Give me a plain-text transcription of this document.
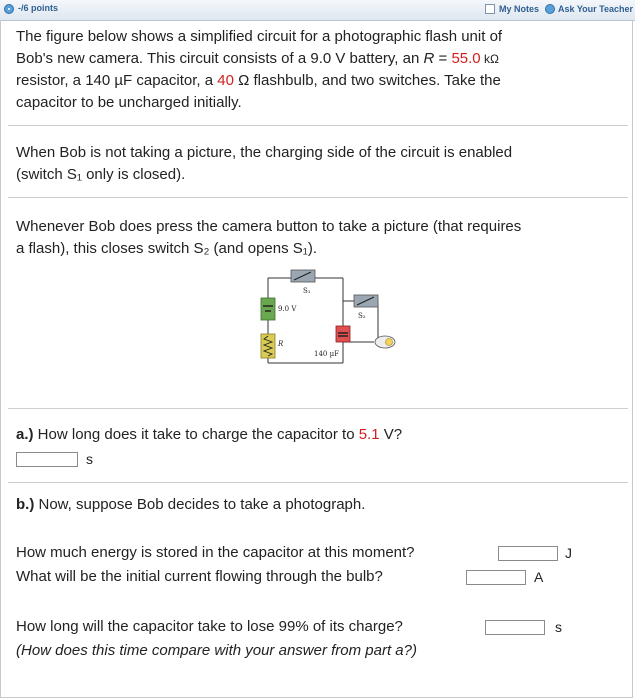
-/6 points	My Notes Ask Your Teacher
The figure below shows a simplified circuit for a photographic flash unit of
Bob's new camera. This circuit consists of a 9.0 V battery, an R = 55.0 kΩ
resistor, a 140 µF capacitor, a 40 Ω flashbulb, and two switches. Take the
capacitor to be uncharged initially.
When Bob is not taking a picture, the charging side of the circuit is enabled
(switch S₁ only is closed).
Whenever Bob does press the camera button to take a picture (that requires
a flash), this closes switch S₂ (and opens S₁).
S₁
S₂
9.0 V
R
140 µF
a.) How long does it take to charge the capacitor to 5.1 V?
s
b.) Now, suppose Bob decides to take a photograph.
How much energy is stored in the capacitor at this moment?	J
What will be the initial current flowing through the bulb?	A
How long will the capacitor take to lose 99% of its charge?	s
(How does this time compare with your answer from part a?)
